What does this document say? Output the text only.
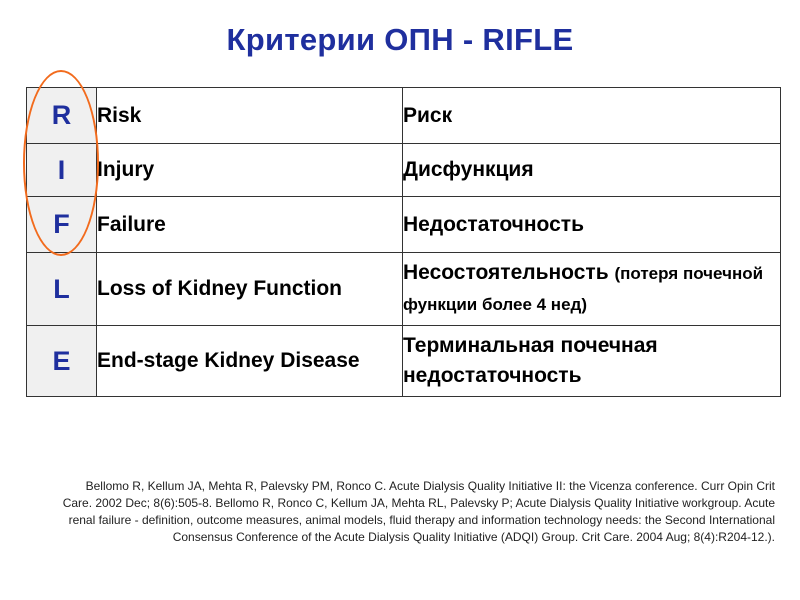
Критерии ОПН - RIFLE
R	Risk	Риск
I	Injury	Дисфункция
F	Failure	Недостаточность
L	Loss of Kidney Function	Несостоятельность (потеря почечной функции более 4 нед)
E	End-stage Kidney Disease	Терминальная почечная недостаточность
Bellomo R, Kellum JA, Mehta R, Palevsky PM, Ronco C. Acute Dialysis Quality Initiative II: the Vicenza conference. Curr Opin Crit Care. 2002 Dec; 8(6):505-8. Bellomo R, Ronco C, Kellum JA, Mehta RL, Palevsky P; Acute Dialysis Quality Initiative workgroup. Acute renal failure - definition, outcome measures, animal models, fluid therapy and information technology needs: the Second International Consensus Conference of the Acute Dialysis Quality Initiative (ADQI) Group. Crit Care. 2004 Aug; 8(4):R204-12.).
